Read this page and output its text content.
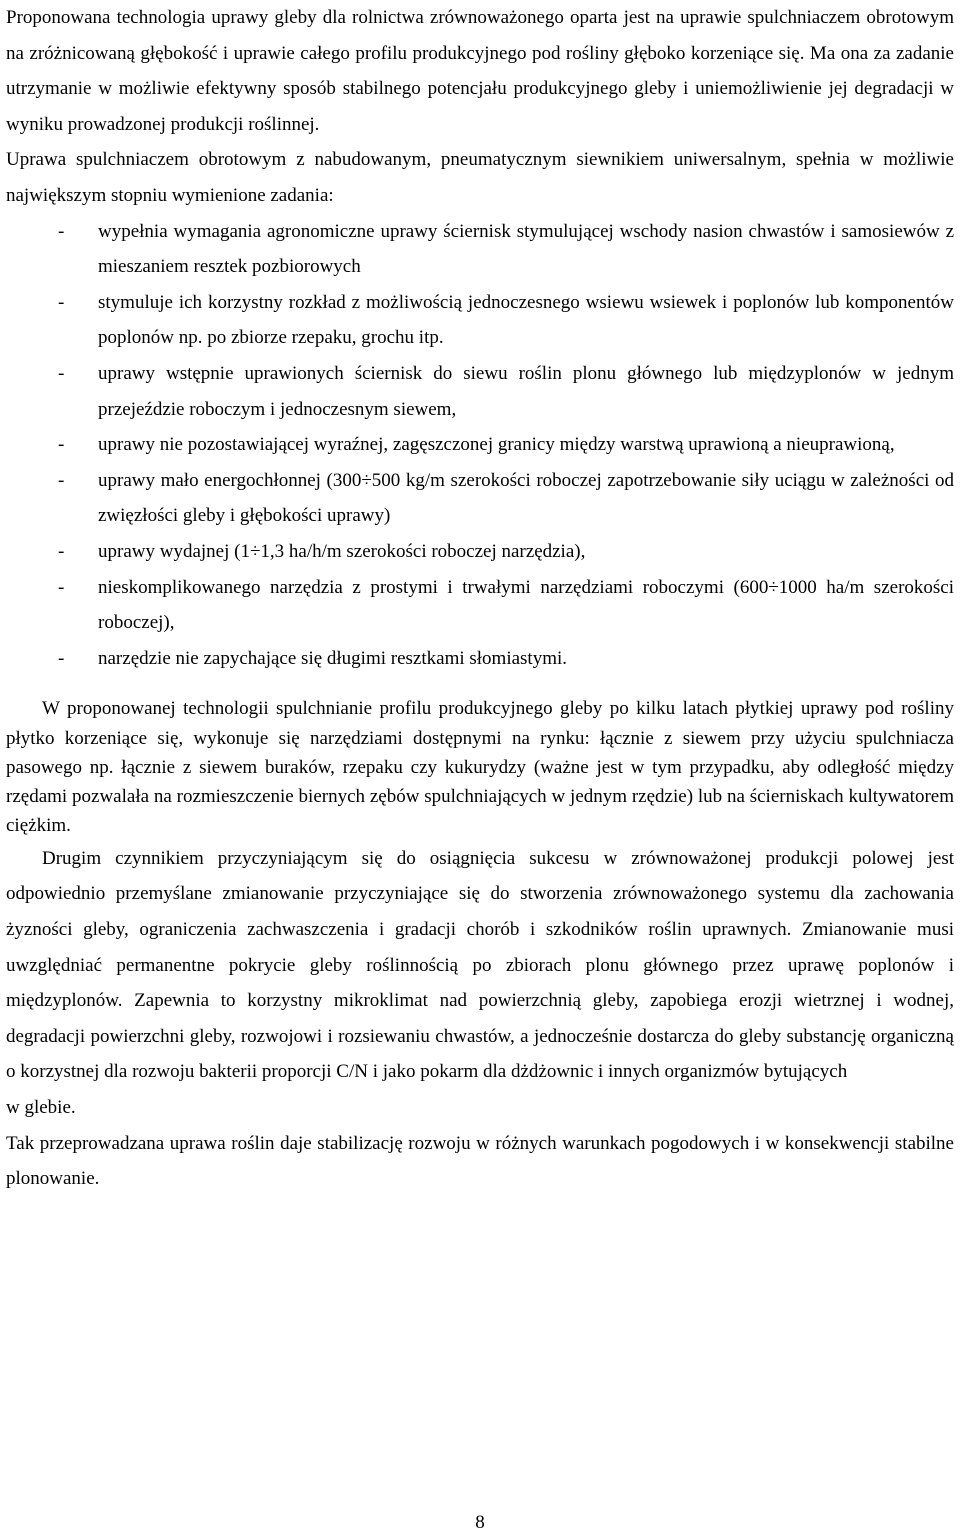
Proponowana technologia uprawy gleby dla rolnictwa zrównoważonego oparta jest na uprawie spulchniaczem obrotowym na zróżnicowaną głębokość i uprawie całego profilu produkcyjnego pod rośliny głęboko korzeniące się. Ma ona za zadanie utrzymanie w możliwie efektywny sposób stabilnego potencjału produkcyjnego gleby i uniemożliwienie jej degradacji w wyniku prowadzonej produkcji roślinnej.

Uprawa spulchniaczem obrotowym z nabudowanym, pneumatycznym siewnikiem uniwersalnym, spełnia w możliwie największym stopniu wymienione zadania:

- wypełnia wymagania agronomiczne uprawy ściernisk stymulującej wschody nasion chwastów i samosiewów z mieszaniem resztek pozbiorowych
- stymuluje ich korzystny rozkład z możliwością jednoczesnego wsiewu wsiewek i poplonów lub komponentów poplonów np. po zbiorze rzepaku, grochu itp.
- uprawy wstępnie uprawionych ściernisk do siewu roślin plonu głównego lub międzyplonów w jednym przejeździe roboczym i jednoczesnym siewem,
- uprawy nie pozostawiającej wyraźnej, zagęszczonej granicy między warstwą uprawioną a nieuprawioną,
- uprawy mało energochłonnej (300÷500 kg/m szerokości roboczej zapotrzebowanie siły uciągu w zależności od zwięzłości gleby i głębokości uprawy)
- uprawy wydajnej (1÷1,3 ha/h/m szerokości roboczej narzędzia),
- nieskomplikowanego narzędzia z prostymi i trwałymi narzędziami roboczymi (600÷1000 ha/m szerokości roboczej),
- narzędzie nie zapychające się długimi resztkami słomiastymi.

W proponowanej technologii spulchnianie profilu produkcyjnego gleby po kilku latach płytkiej uprawy pod rośliny płytko korzeniące się, wykonuje się narzędziami dostępnymi na rynku: łącznie z siewem przy użyciu spulchniacza pasowego np. łącznie z siewem buraków, rzepaku czy kukurydzy (ważne jest w tym przypadku, aby odległość między rzędami pozwalała na rozmieszczenie biernych zębów spulchniających w jednym rzędzie) lub na ścierniskach kultywatorem ciężkim.

Drugim czynnikiem przyczyniającym się do osiągnięcia sukcesu w zrównoważonej produkcji polowej jest odpowiednio przemyślane zmianowanie przyczyniające się do stworzenia zrównoważonego systemu dla zachowania żyzności gleby, ograniczenia zachwaszczenia i gradacji chorób i szkodników roślin uprawnych. Zmianowanie musi uwzględniać permanentne pokrycie gleby roślinnością po zbiorach plonu głównego przez uprawę poplonów i międzyplonów. Zapewnia to korzystny mikroklimat nad powierzchnią gleby, zapobiega erozji wietrznej i wodnej, degradacji powierzchni gleby, rozwojowi i rozsiewaniu chwastów, a jednocześnie dostarcza do gleby substancję organiczną o korzystnej dla rozwoju bakterii proporcji C/N i jako pokarm dla dżdżownic i innych organizmów bytujących

w glebie.

Tak przeprowadzana uprawa roślin daje stabilizację rozwoju w różnych warunkach pogodowych i w konsekwencji stabilne plonowanie.

8
